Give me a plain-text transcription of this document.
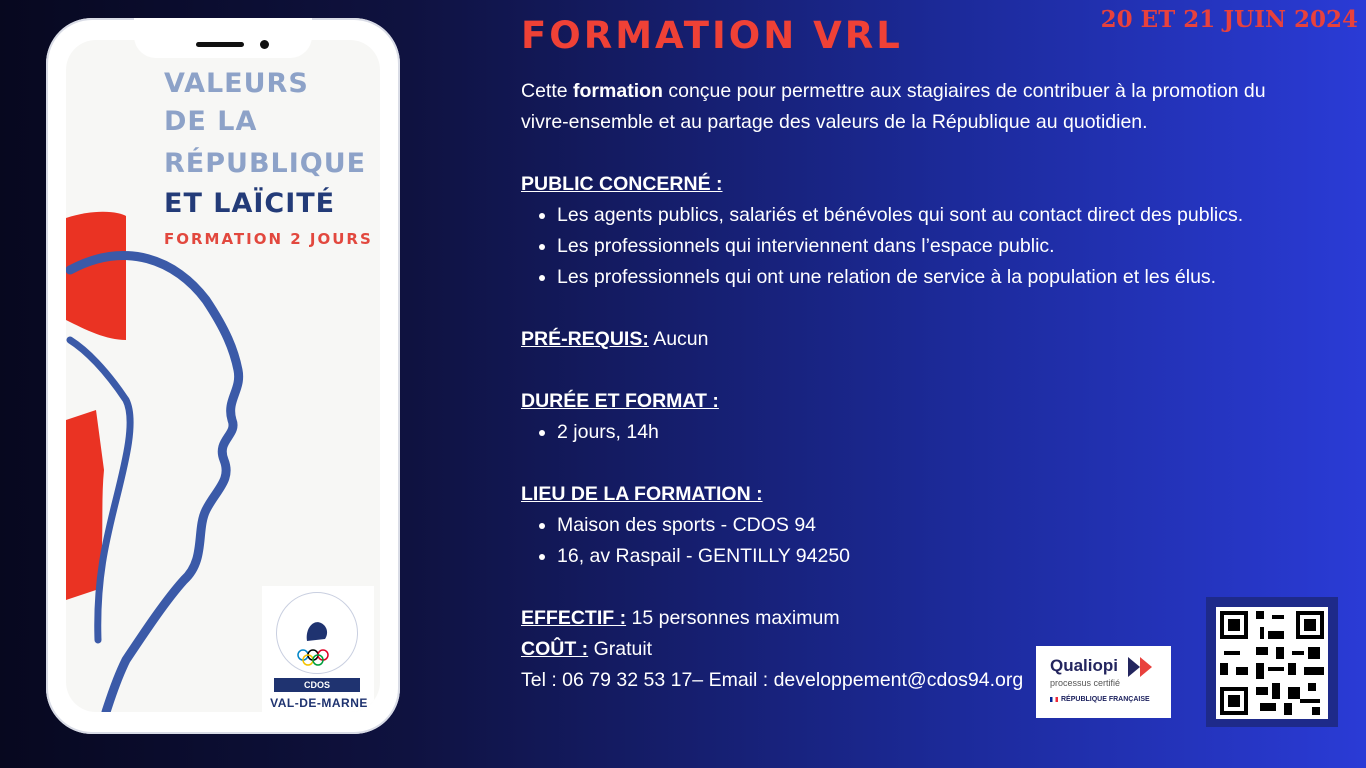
VALEURS

DE LA

RÉPUBLIQUE

ET LAÏCITÉ

FORMATION 2 JOURS

CDOS
VAL-DE-MARNE

20 ET 21 JUIN 2024

FORMATION VRL

Cette formation conçue pour permettre aux stagiaires de contribuer à la promotion du vivre-ensemble et au partage des valeurs de la République au quotidien.

PUBLIC CONCERNÉ :

• Les agents publics, salariés et bénévoles qui sont au contact direct des publics.
• Les professionnels qui interviennent dans l’espace public.
• Les professionnels qui ont une relation de service à la population et les élus.

PRÉ-REQUIS: Aucun

DURÉE ET FORMAT :

• 2 jours, 14h

LIEU DE LA FORMATION :

• Maison des sports - CDOS 94
• 16, av Raspail - GENTILLY 94250

EFFECTIF : 15 personnes maximum

COÛT : Gratuit

Tel : 06 79 32 53 17– Email : developpement@cdos94.org

Qualiopi
processus certifié
RÉPUBLIQUE FRANÇAISE
